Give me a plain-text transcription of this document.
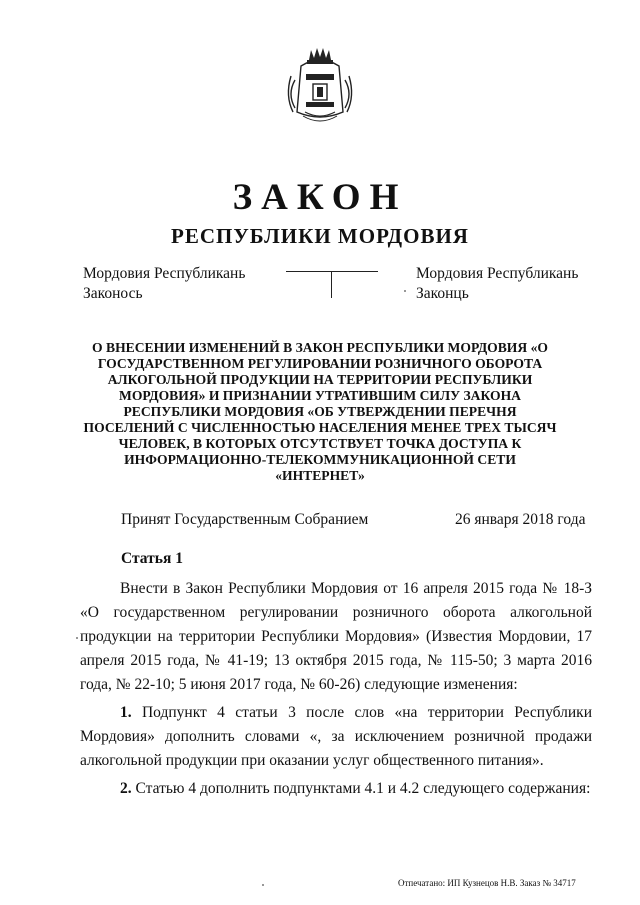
ЗАКОН
РЕСПУБЛИКИ МОРДОВИЯ
Мордовия Республикань
Законось
Мордовия Республикань
Законць

О ВНЕСЕНИИ ИЗМЕНЕНИЙ В ЗАКОН РЕСПУБЛИКИ МОРДОВИЯ «О ГОСУДАРСТВЕННОМ РЕГУЛИРОВАНИИ РОЗНИЧНОГО ОБОРОТА АЛКОГОЛЬНОЙ ПРОДУКЦИИ НА ТЕРРИТОРИИ РЕСПУБЛИКИ МОРДОВИЯ» И ПРИЗНАНИИ УТРАТИВШИМ СИЛУ ЗАКОНА РЕСПУБЛИКИ МОРДОВИЯ «ОБ УТВЕРЖДЕНИИ ПЕРЕЧНЯ ПОСЕЛЕНИЙ С ЧИСЛЕННОСТЬЮ НАСЕЛЕНИЯ МЕНЕЕ ТРЕХ ТЫСЯЧ ЧЕЛОВЕК, В КОТОРЫХ ОТСУТСТВУЕТ ТОЧКА ДОСТУПА К ИНФОРМАЦИОННО-ТЕЛЕКОММУНИКАЦИОННОЙ СЕТИ «ИНТЕРНЕТ»

Принят Государственным Собранием	26 января 2018 года
Статья 1

Внести в Закон Республики Мордовия от 16 апреля 2015 года № 18-З «О государственном регулировании розничного оборота алкогольной продукции на территории Республики Мордовия» (Известия Мордовии, 17 апреля 2015 года, № 41-19; 13 октября 2015 года, № 115-50; 3 марта 2016 года, № 22-10; 5 июня 2017 года, № 60-26) следующие изменения:

1. Подпункт 4 статьи 3 после слов «на территории Республики Мордовия» дополнить словами «, за исключением розничной продажи алкогольной продукции при оказании услуг общественного питания».

2. Статью 4 дополнить подпунктами 4.1 и 4.2 следующего содержания:

Отпечатано: ИП Кузнецов Н.В. Заказ № 34717
